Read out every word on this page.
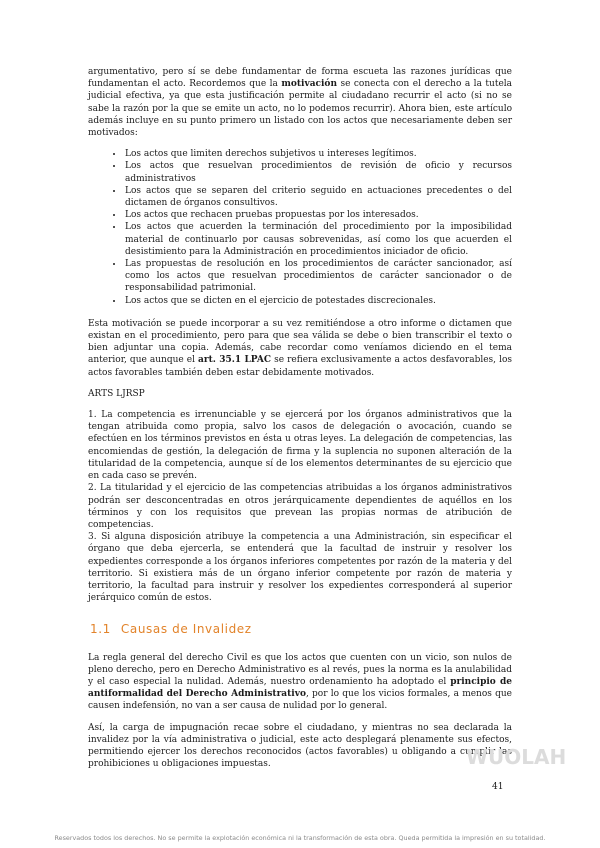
argumentativo, pero sí se debe fundamentar de forma escueta las razones jurídicas que fundamentan el acto. Recordemos que la motivación se conecta con el derecho a la tutela judicial efectiva, ya que esta justificación permite al ciudadano recurrir el acto (si no se sabe la razón por la que se emite un acto, no lo podemos recurrir). Ahora bien, este artículo además incluye en su punto primero un listado con los actos que necesariamente deben ser motivados:

• Los actos que limiten derechos subjetivos u intereses legítimos.
• Los actos que resuelvan procedimientos de revisión de oficio y recursos administrativos
• Los actos que se separen del criterio seguido en actuaciones precedentes o del dictamen de órganos consultivos.
• Los actos que rechacen pruebas propuestas por los interesados.
• Los actos que acuerden la terminación del procedimiento por la imposibilidad material de continuarlo por causas sobrevenidas, así como los que acuerden el desistimiento para la Administración en procedimientos iniciador de oficio.
• Las propuestas de resolución en los procedimientos de carácter sancionador, así como los actos que resuelvan procedimientos de carácter sancionador o de responsabilidad patrimonial.
• Los actos que se dicten en el ejercicio de potestades discrecionales.

Esta motivación se puede incorporar a su vez remitiéndose a otro informe o dictamen que existan en el procedimiento, pero para que sea válida se debe o bien transcribir el texto o bien adjuntar una copia. Además, cabe recordar como veníamos diciendo en el tema anterior, que aunque el art. 35.1 LPAC se refiera exclusivamente a actos desfavorables, los actos favorables también deben estar debidamente motivados.

ARTS LJRSP

1. La competencia es irrenunciable y se ejercerá por los órganos administrativos que la tengan atribuida como propia, salvo los casos de delegación o avocación, cuando se efectúen en los términos previstos en ésta u otras leyes. La delegación de competencias, las encomiendas de gestión, la delegación de firma y la suplencia no suponen alteración de la titularidad de la competencia, aunque sí de los elementos determinantes de su ejercicio que en cada caso se prevén.

2. La titularidad y el ejercicio de las competencias atribuidas a los órganos administrativos podrán ser desconcentradas en otros jerárquicamente dependientes de aquéllos en los términos y con los requisitos que prevean las propias normas de atribución de competencias.

3. Si alguna disposición atribuye la competencia a una Administración, sin especificar el órgano que deba ejercerla, se entenderá que la facultad de instruir y resolver los expedientes corresponde a los órganos inferiores competentes por razón de la materia y del territorio. Si existiera más de un órgano inferior competente por razón de materia y territorio, la facultad para instruir y resolver los expedientes corresponderá al superior jerárquico común de estos.

1.1 Causas de Invalidez

La regla general del derecho Civil es que los actos que cuenten con un vicio, son nulos de pleno derecho, pero en Derecho Administrativo es al revés, pues la norma es la anulabilidad y el caso especial la nulidad. Además, nuestro ordenamiento ha adoptado el principio de antiformalidad del Derecho Administrativo, por lo que los vicios formales, a menos que causen indefensión, no van a ser causa de nulidad por lo general.

Así, la carga de impugnación recae sobre el ciudadano, y mientras no sea declarada la invalidez por la vía administrativa o judicial, este acto desplegará plenamente sus efectos, permitiendo ejercer los derechos reconocidos (actos favorables) u obligando a cumplir las prohibiciones u obligaciones impuestas.	WUOLAH
41
Reservados todos los derechos. No se permite la explotación económica ni la transformación de esta obra. Queda permitida la impresión en su totalidad.
